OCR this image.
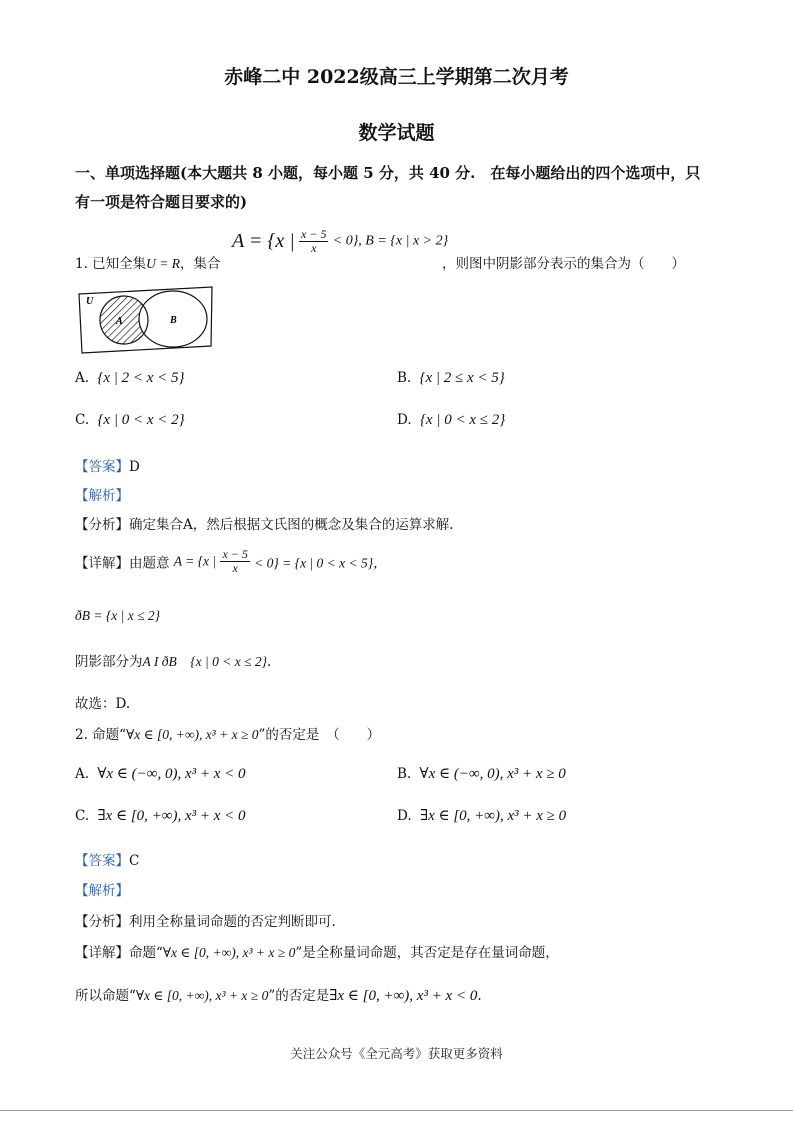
赤峰二中 2022级高三上学期第二次月考
数学试题
一、单项选择题(本大题共 8 小题，每小题 5 分，共 40 分.　在每小题给出的四个选项中，只
有一项是符合题目要求的)
1. 已知全集U = R，集合
A = {x | $\frac{x - 5}{x} < 0$}, B = {x | x > 2}
，则图中阴影部分表示的集合为（　　）
U
A	B
A. {x | 2 < x < 5}	B. {x | 2 ≤ x < 5}
C. {x | 0 < x < 2}	D. {x | 0 < x ≤ 2}
【答案】D
【解析】
【分析】确定集合A，然后根据文氏图的概念及集合的运算求解.
【详解】由题意 A = {x | $\frac{x - 5}{x} < 0\} = \{x$ | 0 < x < 5}，
ðB = {x | x ≤ 2}
阴影部分为A I ðB　{x | 0 < x ≤ 2}.
故选：D.
2. 命题“∀x ∈ [0, +∞), x³ + x ≥ 0”的否定是　（　　）
A. ∀x ∈ (−∞, 0), x³ + x < 0	B. ∀x ∈ (−∞, 0), x³ + x ≥ 0
C. ∃x ∈ [0, +∞), x³ + x < 0	D. ∃x ∈ [0, +∞), x³ + x ≥ 0
【答案】C
【解析】
【分析】利用全称量词命题的否定判断即可.
【详解】命题“∀x ∈ [0, +∞), x³ + x ≥ 0”是全称量词命题，其否定是存在量词命题，
所以命题“∀x ∈ [0, +∞), x³ + x ≥ 0”的否定是∃x ∈ [0, +∞), x³ + x < 0.
关注公众号《全元高考》获取更多资料
